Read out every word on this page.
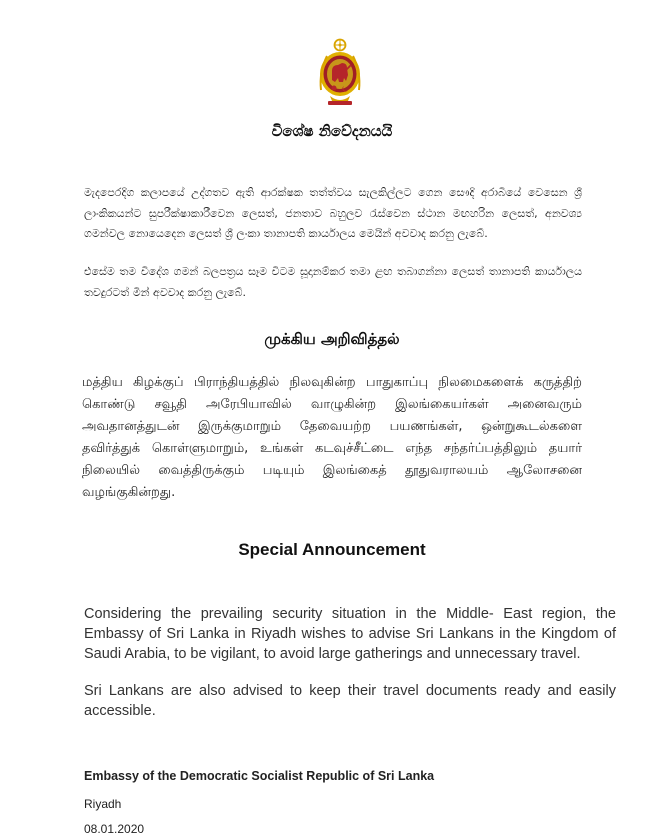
විශේෂ නිවේදනයයි
මැදපෙරදිග කලාපයේ උද්ගතව ඇති ආරක්ෂක තත්ත්වය සැලකිල්ලට ගෙන සෞදි අරාබියේ වෙසෙන ශ්‍රී ලාංකිකයන්ට සුපරීක්ෂාකාරීවෙන ලෙසත්, ජනතාව බහුලව රැස්වෙන ස්ථාන මඟහරින ලෙසත්, අනවශ්‍ය ගමන්වල නොයෙදෙන ලෙසත් ශ්‍රී ලංකා තානාපති කාර්යාලය මෙයින් අවවාද කරනු ලැබේ.
එසේම තම විදේශ ගමන් බලපත්‍රය සෑම විටම සූදානම්කර තමා ළඟ තබාගන්නා ලෙසත් තානාපති කාර්යාලය තවදුරටත් මින් අවවාද කරනු ලැබේ.
முக்கிய அறிவித்தல்
மத்திய கிழக்குப் பிராந்தியத்தில் நிலவுகின்ற பாதுகாப்பு நிலமைகளைக் கருத்திற் கொண்டு சவூதி அரேபியாவில் வாழுகின்ற இலங்கையர்கள் அனைவரும் அவதானத்துடன் இருக்குமாறும் தேவையற்ற பயணங்கள், ஒன்றுகூடல்களை தவிர்த்துக் கொள்ளுமாறும், உங்கள் கடவுச்சீட்டை எந்த சந்தர்ப்பத்திலும் தயார் நிலையில் வைத்திருக்கும் படியும் இலங்கைத் தூதுவராலயம் ஆலோசனை வழங்குகின்றது.
Special Announcement
Considering the prevailing security situation in the Middle- East region, the Embassy of Sri Lanka in Riyadh wishes to advise Sri Lankans in the Kingdom of Saudi Arabia, to be vigilant, to avoid large gatherings and unnecessary travel.
Sri Lankans are also advised to keep their travel documents ready and easily accessible.
Embassy of the Democratic Socialist Republic of Sri Lanka
Riyadh
08.01.2020
